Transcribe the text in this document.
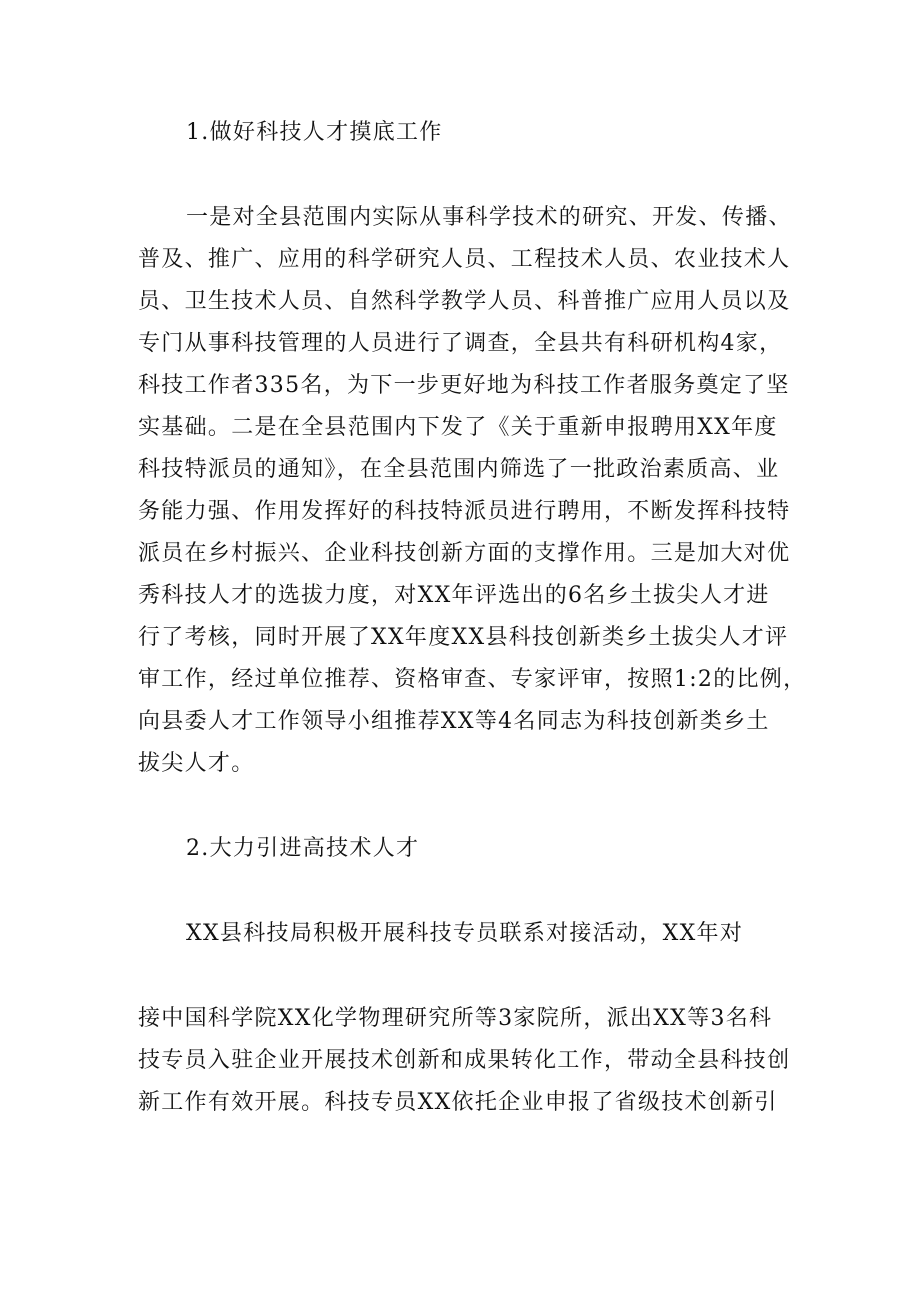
1.做好科技人才摸底工作
一是对全县范围内实际从事科学技术的研究、开发、传播、
普及、推广、应用的科学研究人员、工程技术人员、农业技术人
员、卫生技术人员、自然科学教学人员、科普推广应用人员以及
专门从事科技管理的人员进行了调查，全县共有科研机构4家，
科技工作者335名，为下一步更好地为科技工作者服务奠定了坚
实基础。二是在全县范围内下发了《关于重新申报聘用XX年度
科技特派员的通知》，在全县范围内筛选了一批政治素质高、业
务能力强、作用发挥好的科技特派员进行聘用，不断发挥科技特
派员在乡村振兴、企业科技创新方面的支撑作用。三是加大对优
秀科技人才的选拔力度，对XX年评选出的6名乡土拔尖人才进
行了考核，同时开展了XX年度XX县科技创新类乡土拔尖人才评
审工作，经过单位推荐、资格审查、专家评审，按照1:2的比例，
向县委人才工作领导小组推荐XX等4名同志为科技创新类乡土
拔尖人才。
2.大力引进高技术人才
XX县科技局积极开展科技专员联系对接活动，XX年对
接中国科学院XX化学物理研究所等3家院所，派出XX等3名科
技专员入驻企业开展技术创新和成果转化工作，带动全县科技创
新工作有效开展。科技专员XX依托企业申报了省级技术创新引
